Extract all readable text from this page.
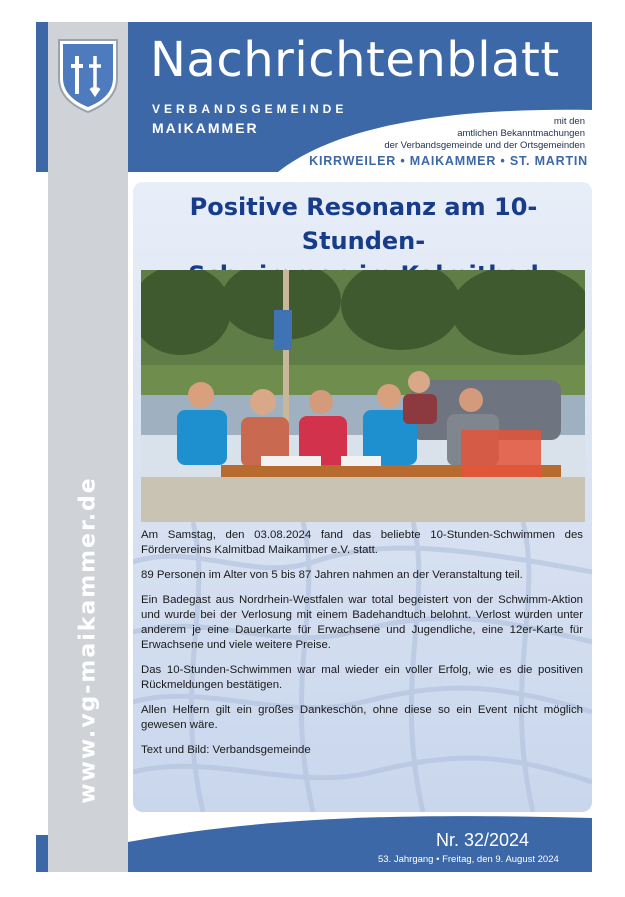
Nachrichtenblatt
VERBANDSGEMEINDE
MAIKAMMER	mit den
amtlichen Bekanntmachungen
der Verbandsgemeinde und der Ortsgemeinden
KIRRWEILER • MAIKAMMER • ST. MARTIN
www.vg-maikammer.de
Positive Resonanz am 10-Stunden-

Am Samstag, den 03.08.2024 fand das beliebte 10-Stunden-Schwimmen des Fördervereins Kalmitbad Maikammer e.V. statt.

89 Personen im Alter von 5 bis 87 Jahren nahmen an der Veranstaltung teil.

Ein Badegast aus Nordrhein-Westfalen war total begeistert von der Schwimm-Aktion und wurde bei der Verlosung mit einem Badehandtuch belohnt. Verlost wurden unter anderem je eine Dauerkarte für Erwachsene und Jugendliche, eine 12er-Karte für Erwachsene und viele weitere Preise.

Das 10-Stunden-Schwimmen war mal wieder ein voller Erfolg, wie es die positiven Rückmeldungen bestätigen.

Allen Helfern gilt ein großes Dankeschön, ohne diese so ein Event nicht möglich gewesen wäre.

Text und Bild: Verbandsgemeinde

Nr. 32/2024
53. Jahrgang • Freitag, den 9. August 2024
